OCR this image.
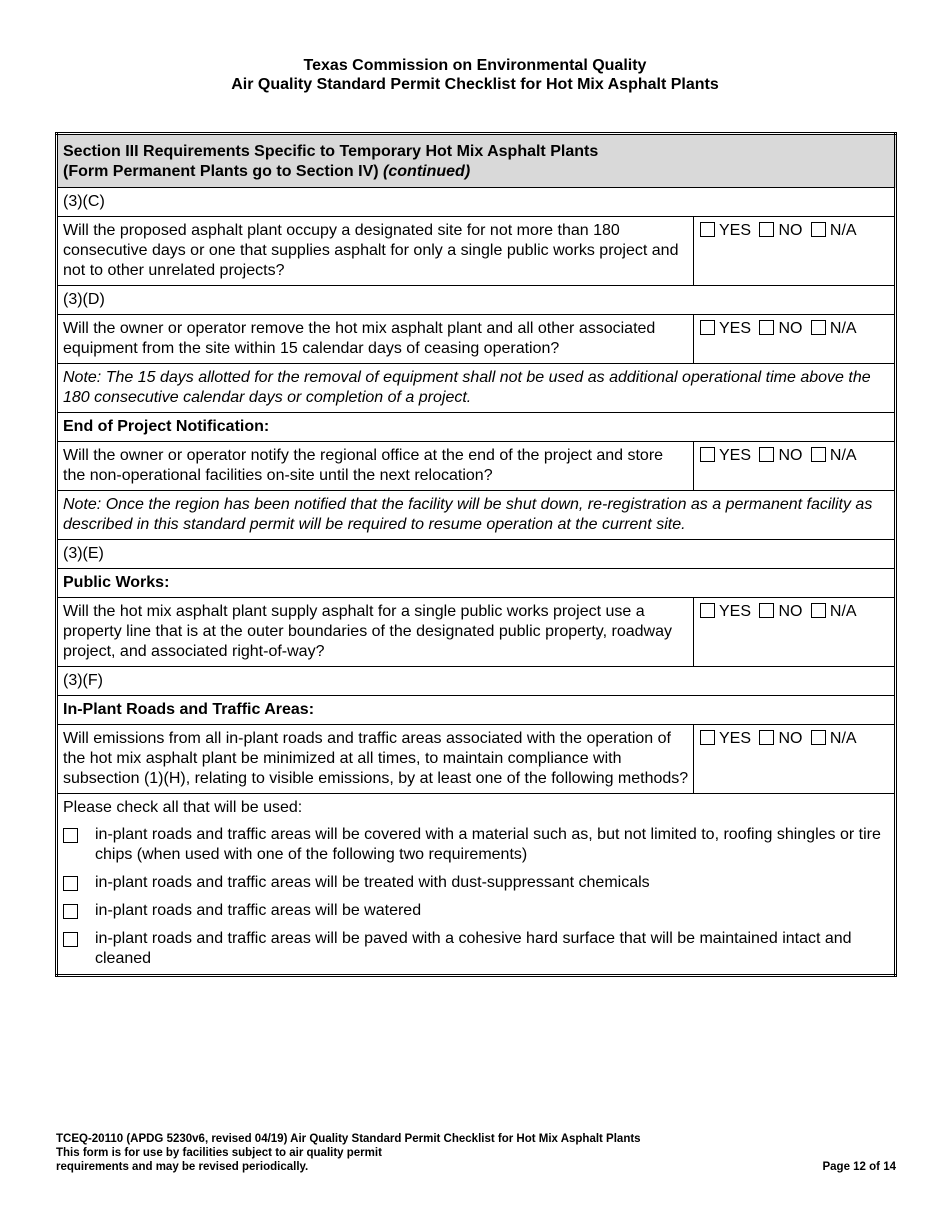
Texas Commission on Environmental Quality
Air Quality Standard Permit Checklist for Hot Mix Asphalt Plants
Section III Requirements Specific to Temporary Hot Mix Asphalt Plants
(Form Permanent Plants go to Section IV) (continued)	

(3)(C)	
Will the proposed asphalt plant occupy a designated site for not more than 180 consecutive days or one that supplies asphalt for only a single public works project and not to other unrelated projects?	YES NO N/A
(3)(D)	
Will the owner or operator remove the hot mix asphalt plant and all other associated equipment from the site within 15 calendar days of ceasing operation?	YES NO N/A
Note: The 15 days allotted for the removal of equipment shall not be used as additional operational time above the 180 consecutive calendar days or completion of a project.	
End of Project Notification:	
Will the owner or operator notify the regional office at the end of the project and store the non-operational facilities on-site until the next relocation?	YES NO N/A
Note: Once the region has been notified that the facility will be shut down, re-registration as a permanent facility as described in this standard permit will be required to resume operation at the current site.	
(3)(E)	
Public Works:	
Will the hot mix asphalt plant supply asphalt for a single public works project use a property line that is at the outer boundaries of the designated public property, roadway project, and associated right-of-way?	YES NO N/A
(3)(F)	
In-Plant Roads and Traffic Areas:	
Will emissions from all in-plant roads and traffic areas associated with the operation of the hot mix asphalt plant be minimized at all times, to maintain compliance with subsection (1)(H), relating to visible emissions, by at least one of the following methods?	YES NO N/A

Please check all that will be used:
in-plant roads and traffic areas will be covered with a material such as, but not limited to, roofing shingles or tire chips (when used with one of the following two requirements)
in-plant roads and traffic areas will be treated with dust-suppressant chemicals
in-plant roads and traffic areas will be watered
in-plant roads and traffic areas will be paved with a cohesive hard surface that will be maintained intact and cleaned	
TCEQ-20110 (APDG 5230v6, revised 04/19) Air Quality Standard Permit Checklist for Hot Mix Asphalt Plants
This form is for use by facilities subject to air quality permit
requirements and may be revised periodically.	Page 12 of 14
